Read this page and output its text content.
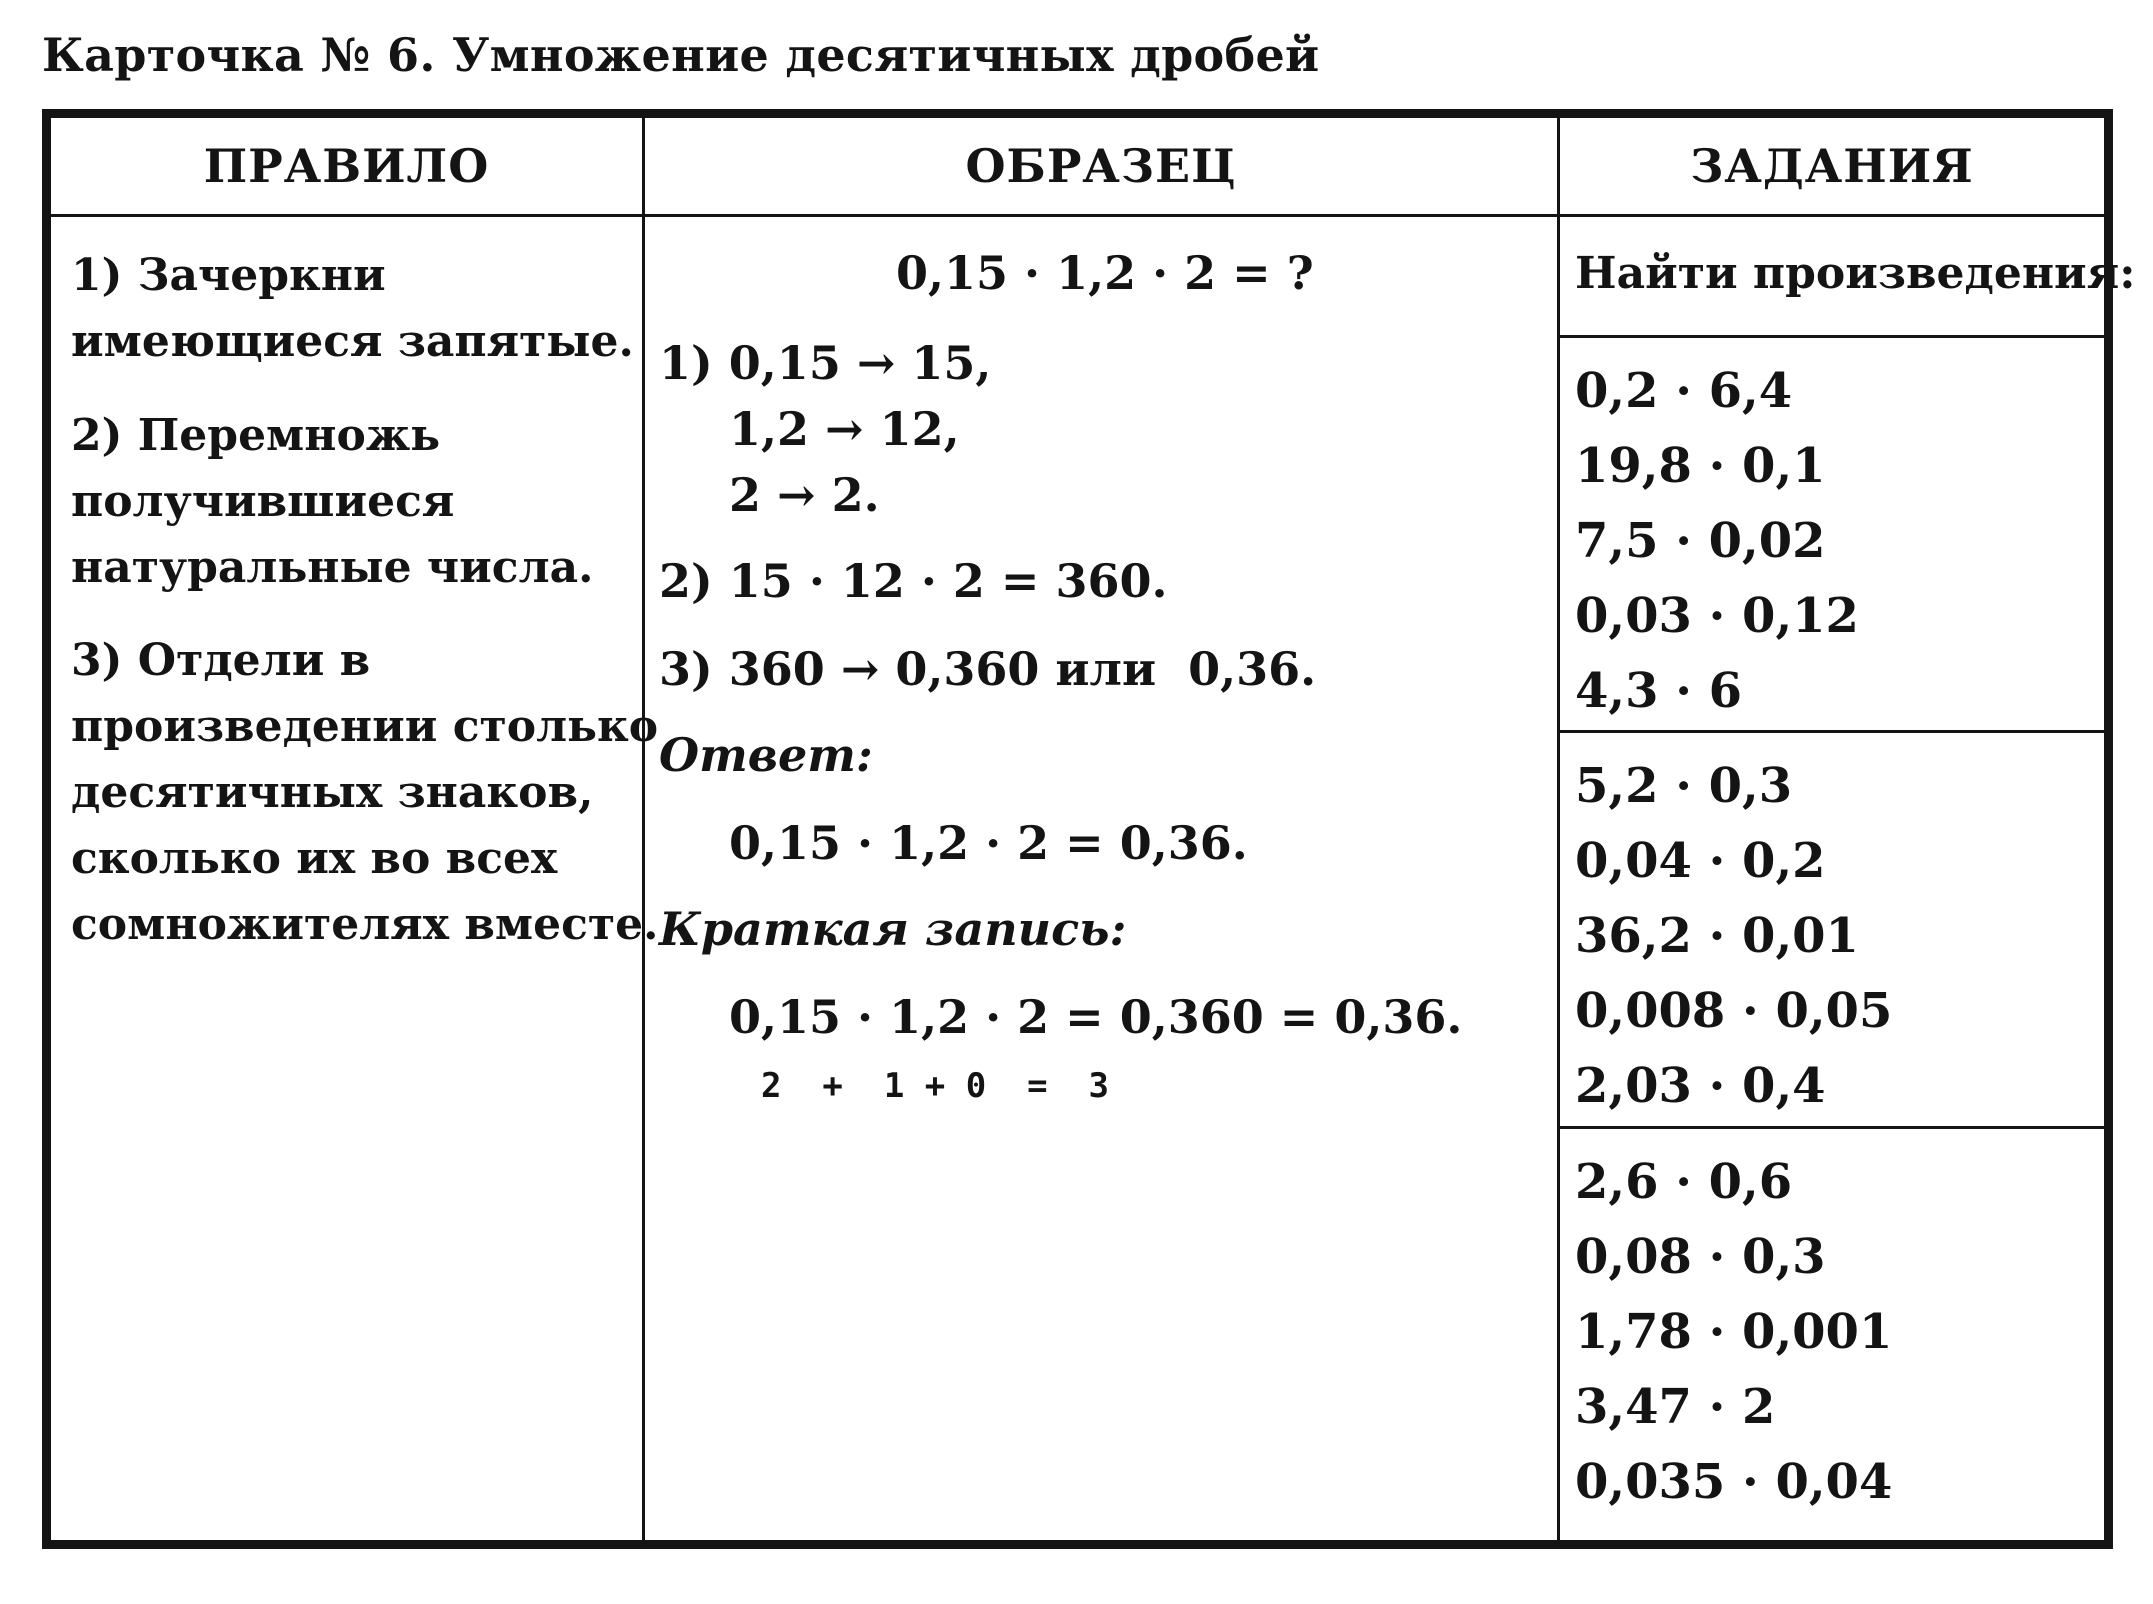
Карточка № 6. Умножение десятичных дробей
ПРАВИЛО	ОБРАЗЕЦ	ЗАДАНИЯ

1) Зачеркни имеющиеся запятые.

2) Перемножь получившиеся натуральные числа.

3) Отдели в произведении столько десятичных знаков, сколько их во всех сомножителях вместе.

0,15 · 1,2 · 2 = ?
1) 0,15 → 15,
1,2 → 12,
2 → 2.
2) 15 · 12 · 2 = 360.
3) 360 → 0,360 или  0,36.
Ответ:
0,15 · 1,2 · 2 = 0,36.
Краткая запись:
0,15 · 1,2 · 2 = 0,360 = 0,36.
2  +  1 + 0  =  3
Найти произведения:
0,2 · 6,4
19,8 · 0,1
7,5 · 0,02
0,03 · 0,12
4,3 · 6
5,2 · 0,3
0,04 · 0,2
36,2 · 0,01
0,008 · 0,05
2,03 · 0,4
2,6 · 0,6
0,08 · 0,3
1,78 · 0,001
3,47 · 2
0,035 · 0,04
